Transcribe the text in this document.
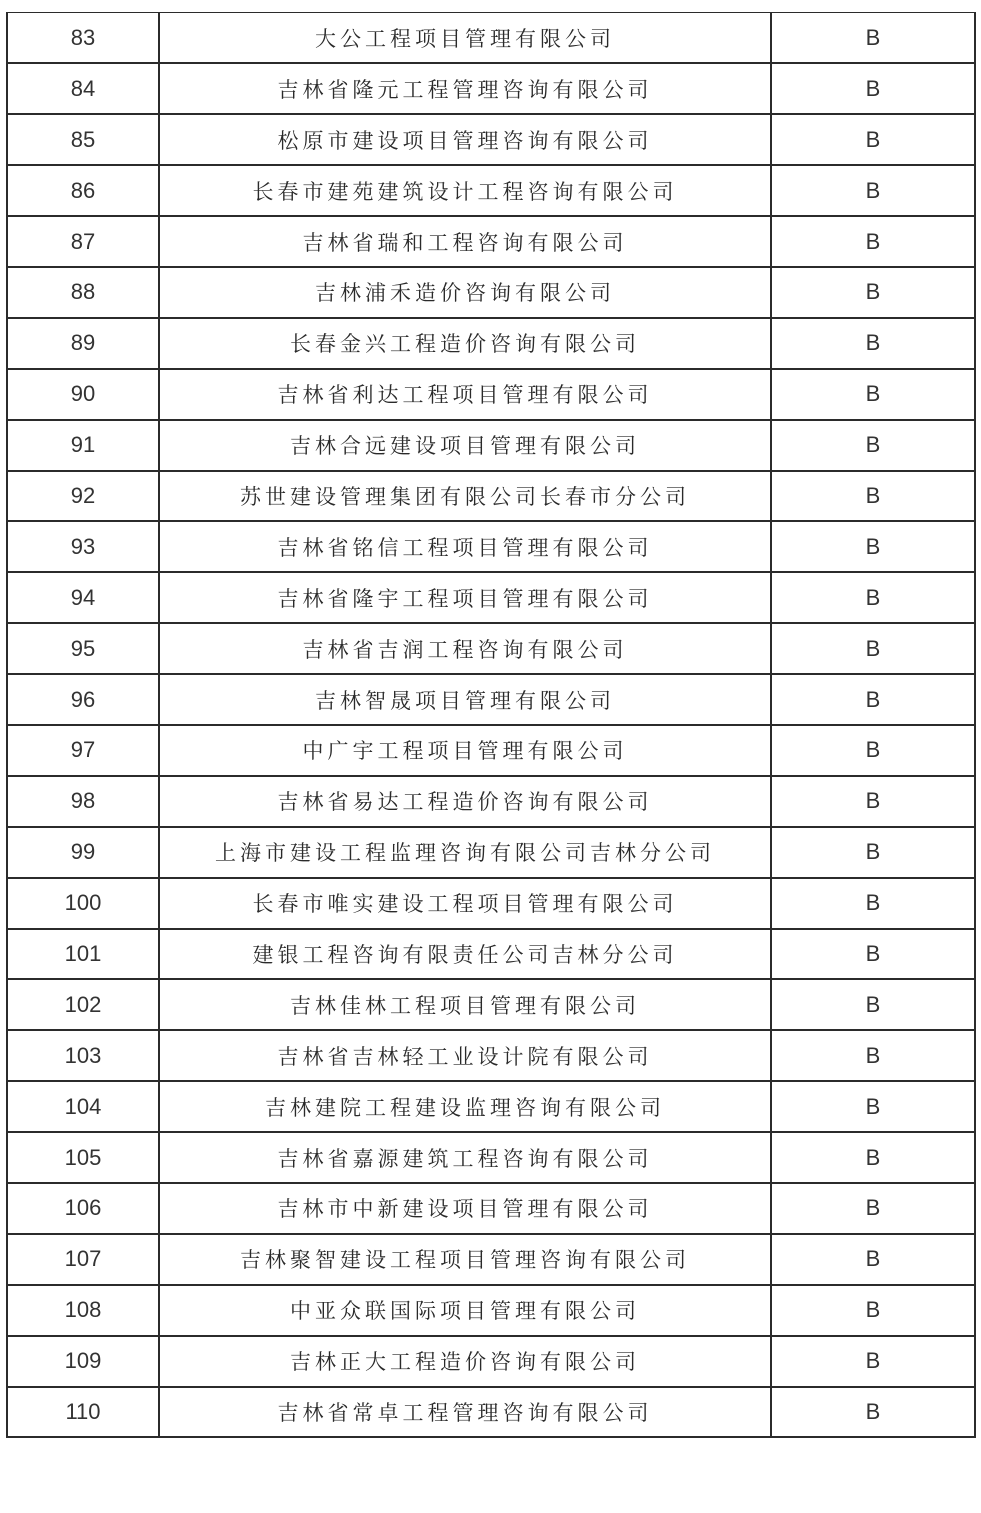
83	大公工程项目管理有限公司	B
84	吉林省隆元工程管理咨询有限公司	B
85	松原市建设项目管理咨询有限公司	B
86	长春市建苑建筑设计工程咨询有限公司	B
87	吉林省瑞和工程咨询有限公司	B
88	吉林浦禾造价咨询有限公司	B
89	长春金兴工程造价咨询有限公司	B
90	吉林省利达工程项目管理有限公司	B
91	吉林合远建设项目管理有限公司	B
92	苏世建设管理集团有限公司长春市分公司	B
93	吉林省铭信工程项目管理有限公司	B
94	吉林省隆宇工程项目管理有限公司	B
95	吉林省吉润工程咨询有限公司	B
96	吉林智晟项目管理有限公司	B
97	中广宇工程项目管理有限公司	B
98	吉林省易达工程造价咨询有限公司	B
99	上海市建设工程监理咨询有限公司吉林分公司	B
100	长春市唯实建设工程项目管理有限公司	B
101	建银工程咨询有限责任公司吉林分公司	B
102	吉林佳林工程项目管理有限公司	B
103	吉林省吉林轻工业设计院有限公司	B
104	吉林建院工程建设监理咨询有限公司	B
105	吉林省嘉源建筑工程咨询有限公司	B
106	吉林市中新建设项目管理有限公司	B
107	吉林聚智建设工程项目管理咨询有限公司	B
108	中亚众联国际项目管理有限公司	B
109	吉林正大工程造价咨询有限公司	B
110	吉林省常卓工程管理咨询有限公司	B
